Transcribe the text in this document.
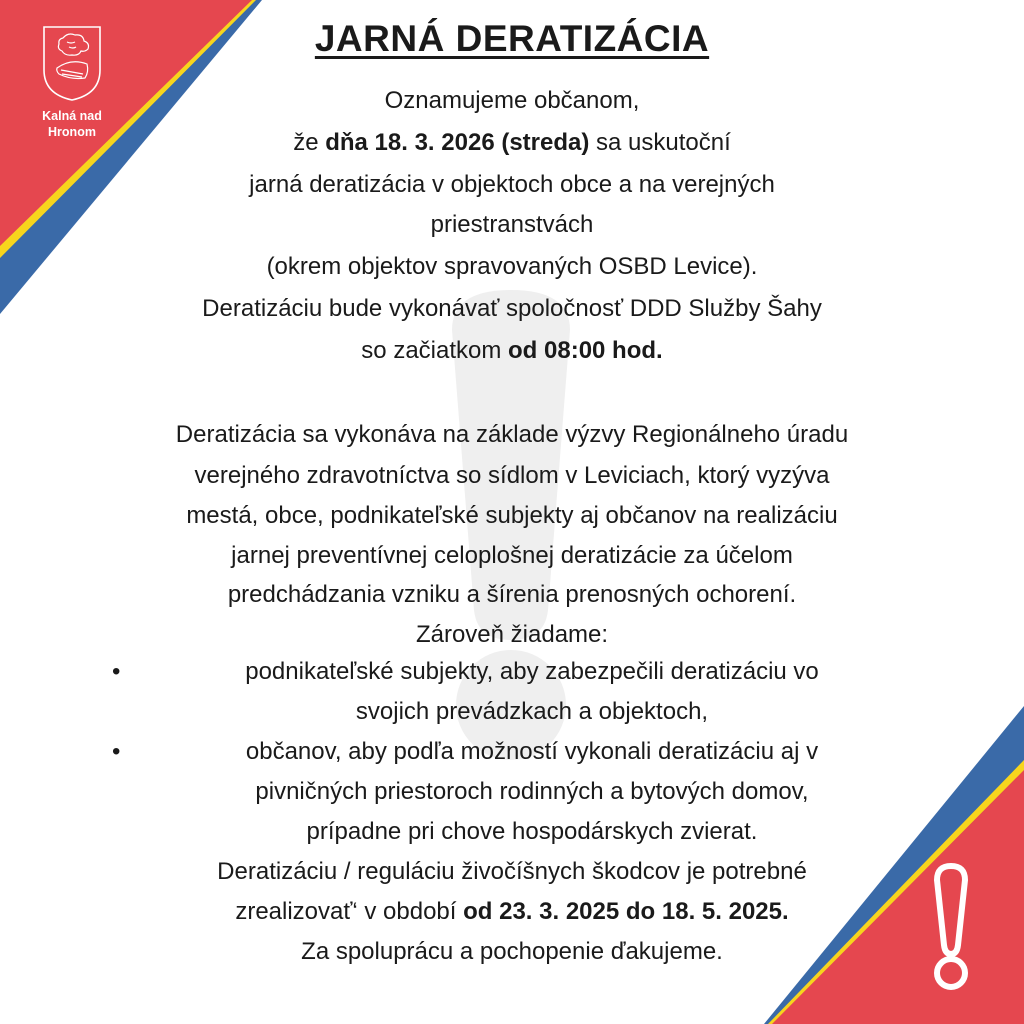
Kalná nad
Hronom
JARNÁ DERATIZÁCIA
Oznamujeme občanom,
že dňa 18. 3. 2026 (streda) sa uskutoční
jarná deratizácia v objektoch obce a na verejných
priestranstvách
(okrem objektov spravovaných OSBD Levice).
Deratizáciu bude vykonávať spoločnosť DDD Služby Šahy
so začiatkom od 08:00 hod.
Deratizácia sa vykonáva na základe výzvy Regionálneho úradu
verejného zdravotníctva so sídlom v Leviciach, ktorý vyzýva
mestá, obce, podnikateľské subjekty aj občanov na realizáciu
jarnej preventívnej celoplošnej deratizácie za účelom
predchádzania vzniku a šírenia prenosných ochorení.
Zároveň žiadame:
•	podnikateľské subjekty, aby zabezpečili deratizáciu vo
svojich prevádzkach a objektoch,
•	občanov, aby podľa možností vykonali deratizáciu aj v
pivničných priestoroch rodinných a bytových domov,
prípadne pri chove hospodárskych zvierat.
Deratizáciu / reguláciu živočíšnych škodcov je potrebné
zrealizovať‘ v období od 23. 3. 2025 do 18. 5. 2025.
Za spoluprácu a pochopenie ďakujeme.
